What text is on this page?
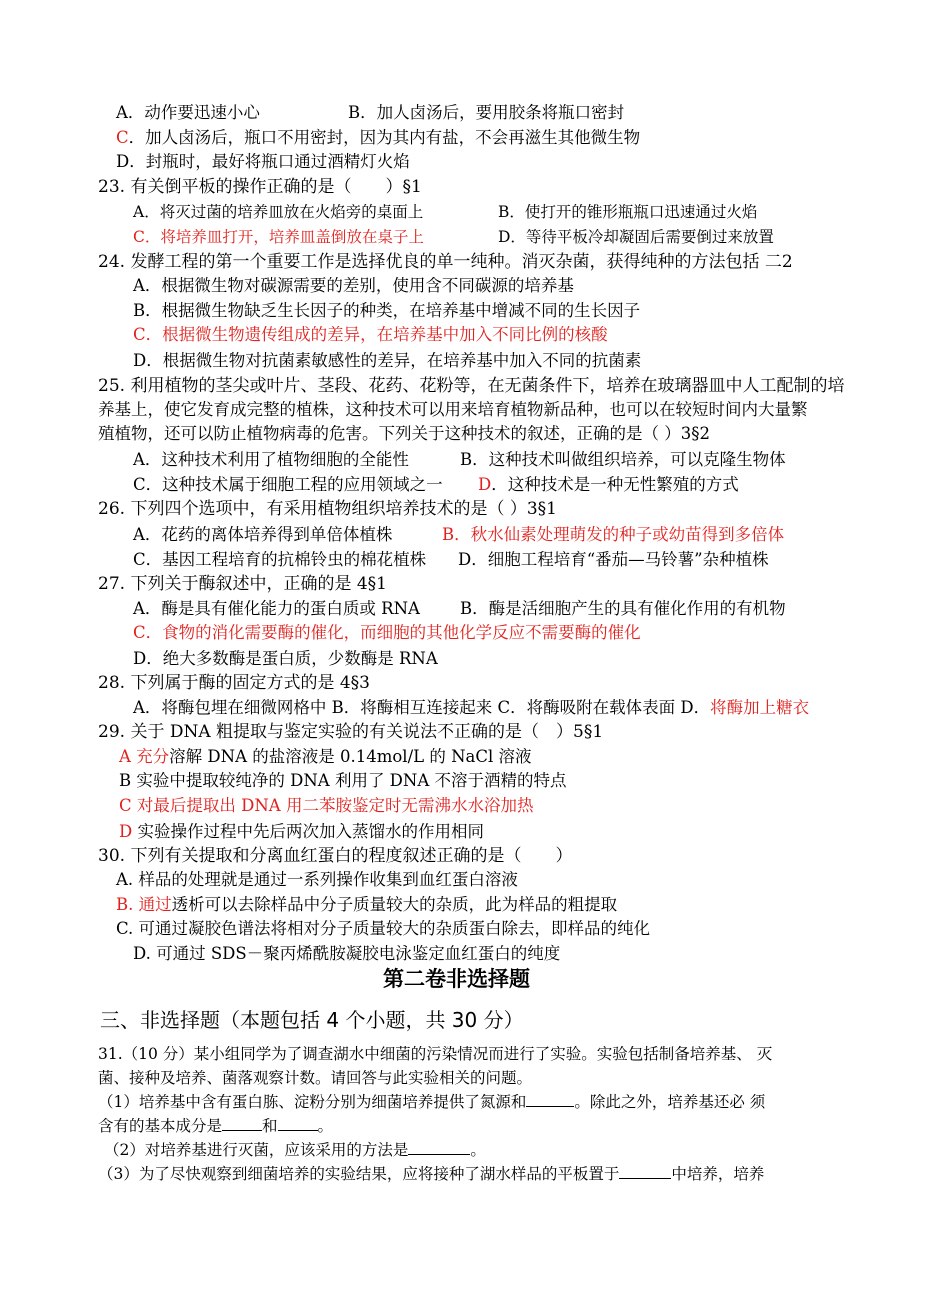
A．动作要迅速小心	B．加人卤汤后，要用胶条将瓶口密封
C．加人卤汤后，瓶口不用密封，因为其内有盐，不会再滋生其他微生物
D．封瓶时，最好将瓶口通过酒精灯火焰
23. 有关倒平板的操作正确的是（　　）§1
A．将灭过菌的培养皿放在火焰旁的桌面上	B．使打开的锥形瓶瓶口迅速通过火焰
C．将培养皿打开，培养皿盖倒放在桌子上	D．等待平板冷却凝固后需要倒过来放置
24. 发酵工程的第一个重要工作是选择优良的单一纯种。消灭杂菌，获得纯种的方法包括 二2
A．根据微生物对碳源需要的差别，使用含不同碳源的培养基
B．根据微生物缺乏生长因子的种类，在培养基中增减不同的生长因子
C．根据微生物遗传组成的差异，在培养基中加入不同比例的核酸
D．根据微生物对抗菌素敏感性的差异，在培养基中加入不同的抗菌素
25. 利用植物的茎尖或叶片、茎段、花药、花粉等，在无菌条件下，培养在玻璃器皿中人工配制的培
养基上，使它发育成完整的植株，这种技术可以用来培育植物新品种，也可以在较短时间内大量繁
殖植物，还可以防止植物病毒的危害。下列关于这种技术的叙述，正确的是（ ）3§2
A．这种技术利用了植物细胞的全能性	B．这种技术叫做组织培养，可以克隆生物体
C．这种技术属于细胞工程的应用领域之一 D．这种技术是一种无性繁殖的方式
26. 下列四个选项中，有采用植物组织培养技术的是（ ）3§1
A．花药的离体培养得到单倍体植株	B．秋水仙素处理萌发的种子或幼苗得到多倍体
C．基因工程培育的抗棉铃虫的棉花植株 D．细胞工程培育“番茄—马铃薯”杂种植株
27. 下列关于酶叙述中，正确的是 4§1
A．酶是具有催化能力的蛋白质或 RNA B．酶是活细胞产生的具有催化作用的有机物
C．食物的消化需要酶的催化，而细胞的其他化学反应不需要酶的催化
D．绝大多数酶是蛋白质，少数酶是 RNA
28. 下列属于酶的固定方式的是 4§3
A．将酶包埋在细微网格中 B．将酶相互连接起来 C．将酶吸附在载体表面 D．将酶加上糖衣
29. 关于 DNA 粗提取与鉴定实验的有关说法不正确的是（　）5§1
A 充分溶解 DNA 的盐溶液是 0.14mol/L 的 NaCl 溶液
B 实验中提取较纯净的 DNA 利用了 DNA 不溶于酒精的特点
C 对最后提取出 DNA 用二苯胺鉴定时无需沸水水浴加热
D 实验操作过程中先后两次加入蒸馏水的作用相同
30. 下列有关提取和分离血红蛋白的程度叙述正确的是（　　）
A. 样品的处理就是通过一系列操作收集到血红蛋白溶液
B. 通过透析可以去除样品中分子质量较大的杂质，此为样品的粗提取
C. 可通过凝胶色谱法将相对分子质量较大的杂质蛋白除去，即样品的纯化
D. 可通过 SDS－聚丙烯酰胺凝胶电泳鉴定血红蛋白的纯度
第二卷非选择题
三、非选择题（本题包括 4 个小题，共 30 分）
31.（10 分）某小组同学为了调查湖水中细菌的污染情况而进行了实验。实验包括制备培养基、 灭
菌、接种及培养、菌落观察计数。请回答与此实验相关的问题。
（1）培养基中含有蛋白胨、淀粉分别为细菌培养提供了氮源和	。除此之外，培养基还必 须
含有的基本成分是	和	。
（2）对培养基进行灭菌，应该采用的方法是	。
（3）为了尽快观察到细菌培养的实验结果，应将接种了湖水样品的平板置于	中培养，培养
